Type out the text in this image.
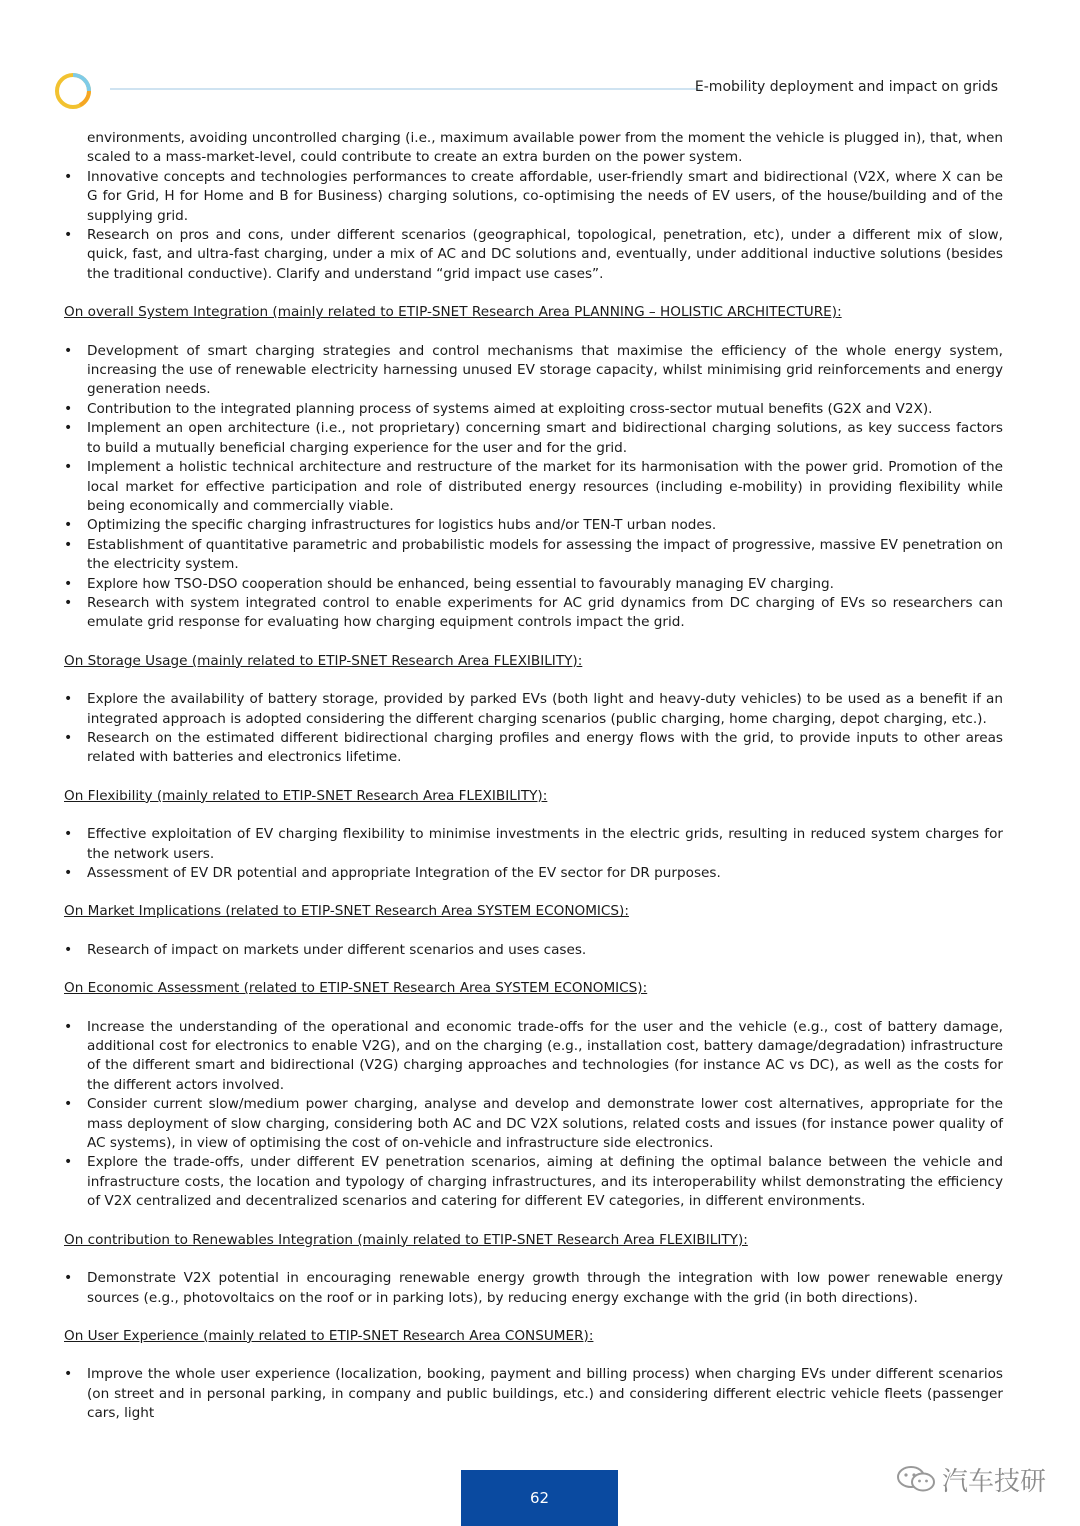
E-mobility deployment and impact on grids

environments, avoiding uncontrolled charging (i.e., maximum available power from the moment the vehicle is plugged in), that, when scaled to a mass-market-level, could contribute to create an extra burden on the power system.

• Innovative concepts and technologies performances to create affordable, user-friendly smart and bidirectional (V2X, where X can be G for Grid, H for Home and B for Business) charging solutions, co-optimising the needs of EV users, of the house/building and of the supplying grid.
• Research on pros and cons, under different scenarios (geographical, topological, penetration, etc), under a different mix of slow, quick, fast, and ultra-fast charging, under a mix of AC and DC solutions and, eventually, under additional inductive solutions (besides the traditional conductive). Clarify and understand “grid impact use cases”.

On overall System Integration (mainly related to ETIP-SNET Research Area PLANNING – HOLISTIC ARCHITECTURE):

• Development of smart charging strategies and control mechanisms that maximise the efficiency of the whole energy system, increasing the use of renewable electricity harnessing unused EV storage capacity, whilst minimising grid reinforcements and energy generation needs.
• Contribution to the integrated planning process of systems aimed at exploiting cross-sector mutual benefits (G2X and V2X).
• Implement an open architecture (i.e., not proprietary) concerning smart and bidirectional charging solutions, as key success factors to build a mutually beneficial charging experience for the user and for the grid.
• Implement a holistic technical architecture and restructure of the market for its harmonisation with the power grid. Promotion of the local market for effective participation and role of distributed energy resources (including e-mobility) in providing flexibility while being economically and commercially viable.
• Optimizing the specific charging infrastructures for logistics hubs and/or TEN-T urban nodes.
• Establishment of quantitative parametric and probabilistic models for assessing the impact of progressive, massive EV penetration on the electricity system.
• Explore how TSO-DSO cooperation should be enhanced, being essential to favourably managing EV charging.
• Research with system integrated control to enable experiments for AC grid dynamics from DC charging of EVs so researchers can emulate grid response for evaluating how charging equipment controls impact the grid.

On Storage Usage (mainly related to ETIP-SNET Research Area FLEXIBILITY):

• Explore the availability of battery storage, provided by parked EVs (both light and heavy-duty vehicles) to be used as a benefit if an integrated approach is adopted considering the different charging scenarios (public charging, home charging, depot charging, etc.).
• Research on the estimated different bidirectional charging profiles and energy flows with the grid, to provide inputs to other areas related with batteries and electronics lifetime.

On Flexibility (mainly related to ETIP-SNET Research Area FLEXIBILITY):

• Effective exploitation of EV charging flexibility to minimise investments in the electric grids, resulting in reduced system charges for the network users.
• Assessment of EV DR potential and appropriate Integration of the EV sector for DR purposes.

On Market Implications (related to ETIP-SNET Research Area SYSTEM ECONOMICS):

• Research of impact on markets under different scenarios and uses cases.

On Economic Assessment (related to ETIP-SNET Research Area SYSTEM ECONOMICS):

• Increase the understanding of the operational and economic trade-offs for the user and the vehicle (e.g., cost of battery damage, additional cost for electronics to enable V2G), and on the charging (e.g., installation cost, battery damage/degradation) infrastructure of the different smart and bidirectional (V2G) charging approaches and technologies (for instance AC vs DC), as well as the costs for the different actors involved.
• Consider current slow/medium power charging, analyse and develop and demonstrate lower cost alternatives, appropriate for the mass deployment of slow charging, considering both AC and DC V2X solutions, related costs and issues (for instance power quality of AC systems), in view of optimising the cost of on-vehicle and infrastructure side electronics.
• Explore the trade-offs, under different EV penetration scenarios, aiming at defining the optimal balance between the vehicle and infrastructure costs, the location and typology of charging infrastructures, and its interoperability whilst demonstrating the efficiency of V2X centralized and decentralized scenarios and catering for different EV categories, in different environments.

On contribution to Renewables Integration (mainly related to ETIP-SNET Research Area FLEXIBILITY):

• Demonstrate V2X potential in encouraging renewable energy growth through the integration with low power renewable energy sources (e.g., photovoltaics on the roof or in parking lots), by reducing energy exchange with the grid (in both directions).

On User Experience (mainly related to ETIP-SNET Research Area CONSUMER):

• Improve the whole user experience (localization, booking, payment and billing process) when charging EVs under different scenarios (on street and in personal parking, in company and public buildings, etc.) and considering different electric vehicle fleets (passenger cars, light
62
汽车技研
